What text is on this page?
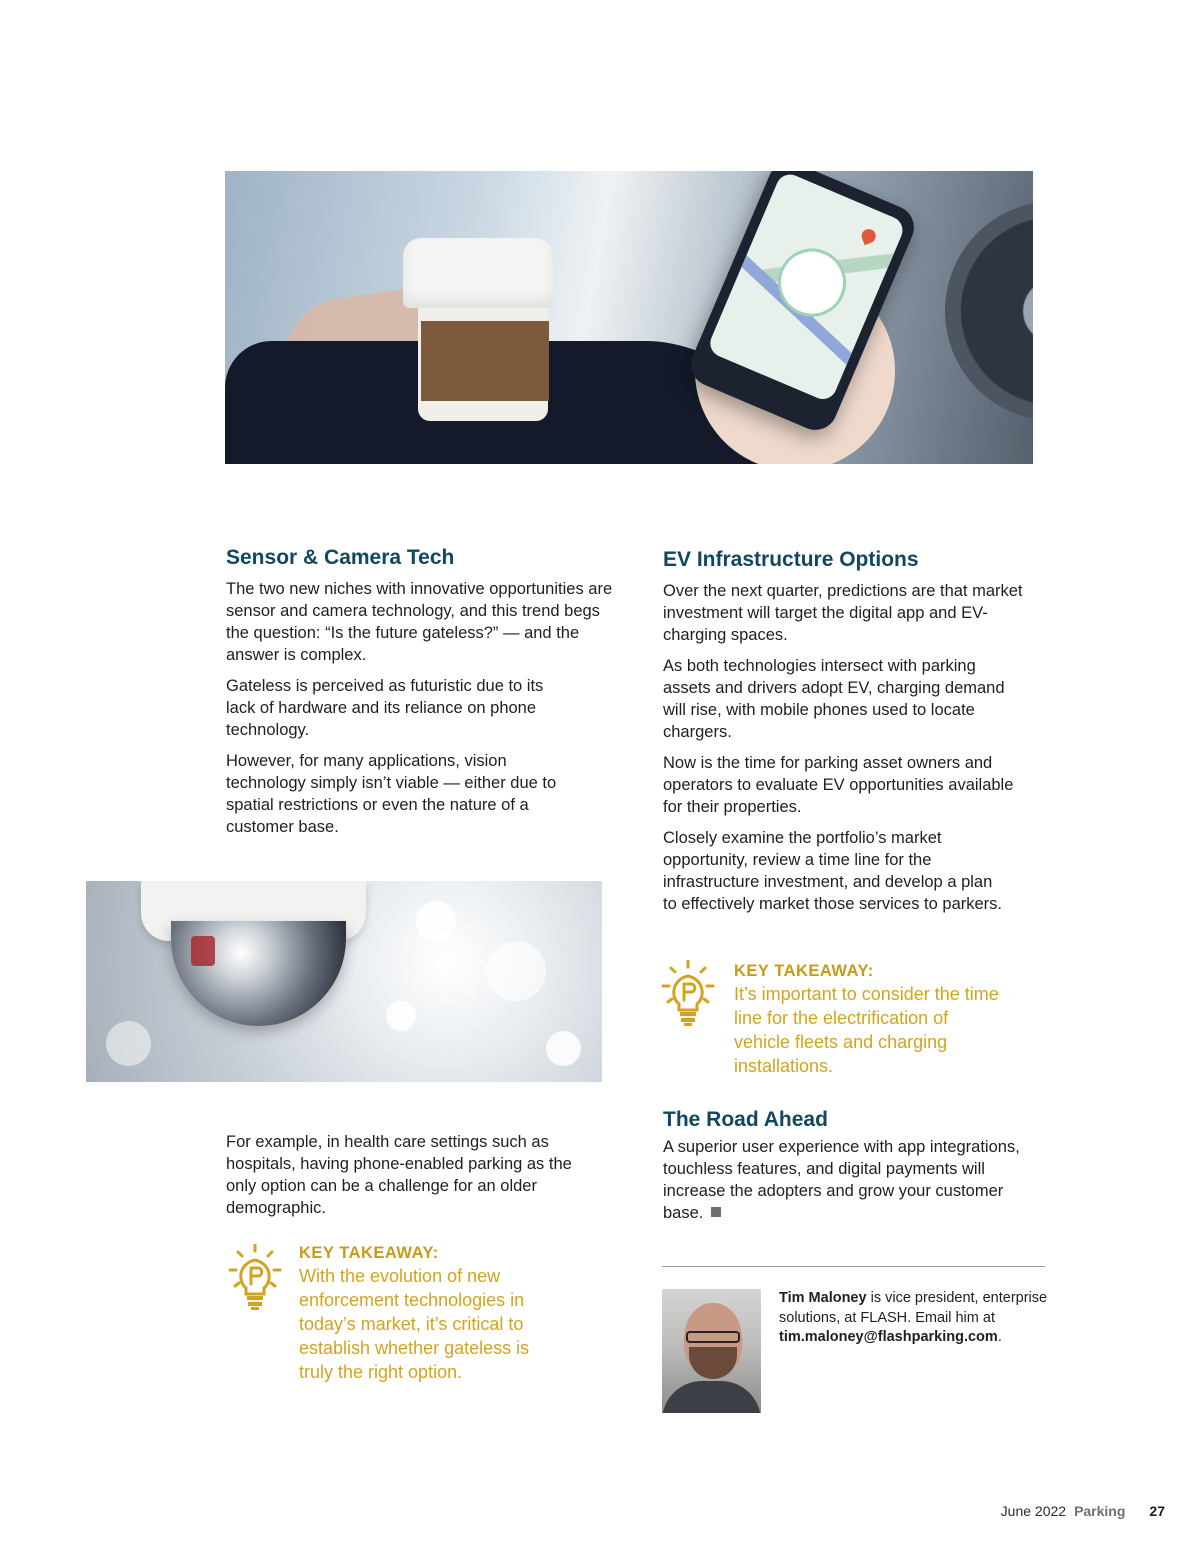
Sensor & Camera Tech

The two new niches with innovative opportunities are sensor and camera technology, and this trend begs the question: “Is the future gateless?” — and the answer is complex.

Gateless is perceived as futuristic due to its lack of hardware and its reliance on phone technology.

However, for many applications, vision technology simply isn’t viable — either due to spatial restrictions or even the nature of a customer base.

For example, in health care settings such as hospitals, having phone-enabled parking as the only option can be a challenge for an older demographic.

KEY TAKEAWAY:

With the evolution of new enforcement technologies in today’s market, it’s critical to establish whether gateless is truly the right option.

EV Infrastructure Options

Over the next quarter, predictions are that market investment will target the digital app and EV-charging spaces.

As both technologies intersect with parking assets and drivers adopt EV, charging demand will rise, with mobile phones used to locate chargers.

Now is the time for parking asset owners and operators to evaluate EV opportunities available for their properties.

Closely examine the portfolio’s market opportunity, review a time line for the infrastructure investment, and develop a plan to effectively market those services to parkers.

KEY TAKEAWAY:

It’s important to consider the time line for the electrification of vehicle fleets and charging installations.

The Road Ahead

A superior user experience with app integrations, touchless features, and digital payments will increase the adopters and grow your customer base.

Tim Maloney is vice president, enterprise solutions, at FLASH. Email him at tim.maloney@flashparking.com.

June 2022 Parking 27
